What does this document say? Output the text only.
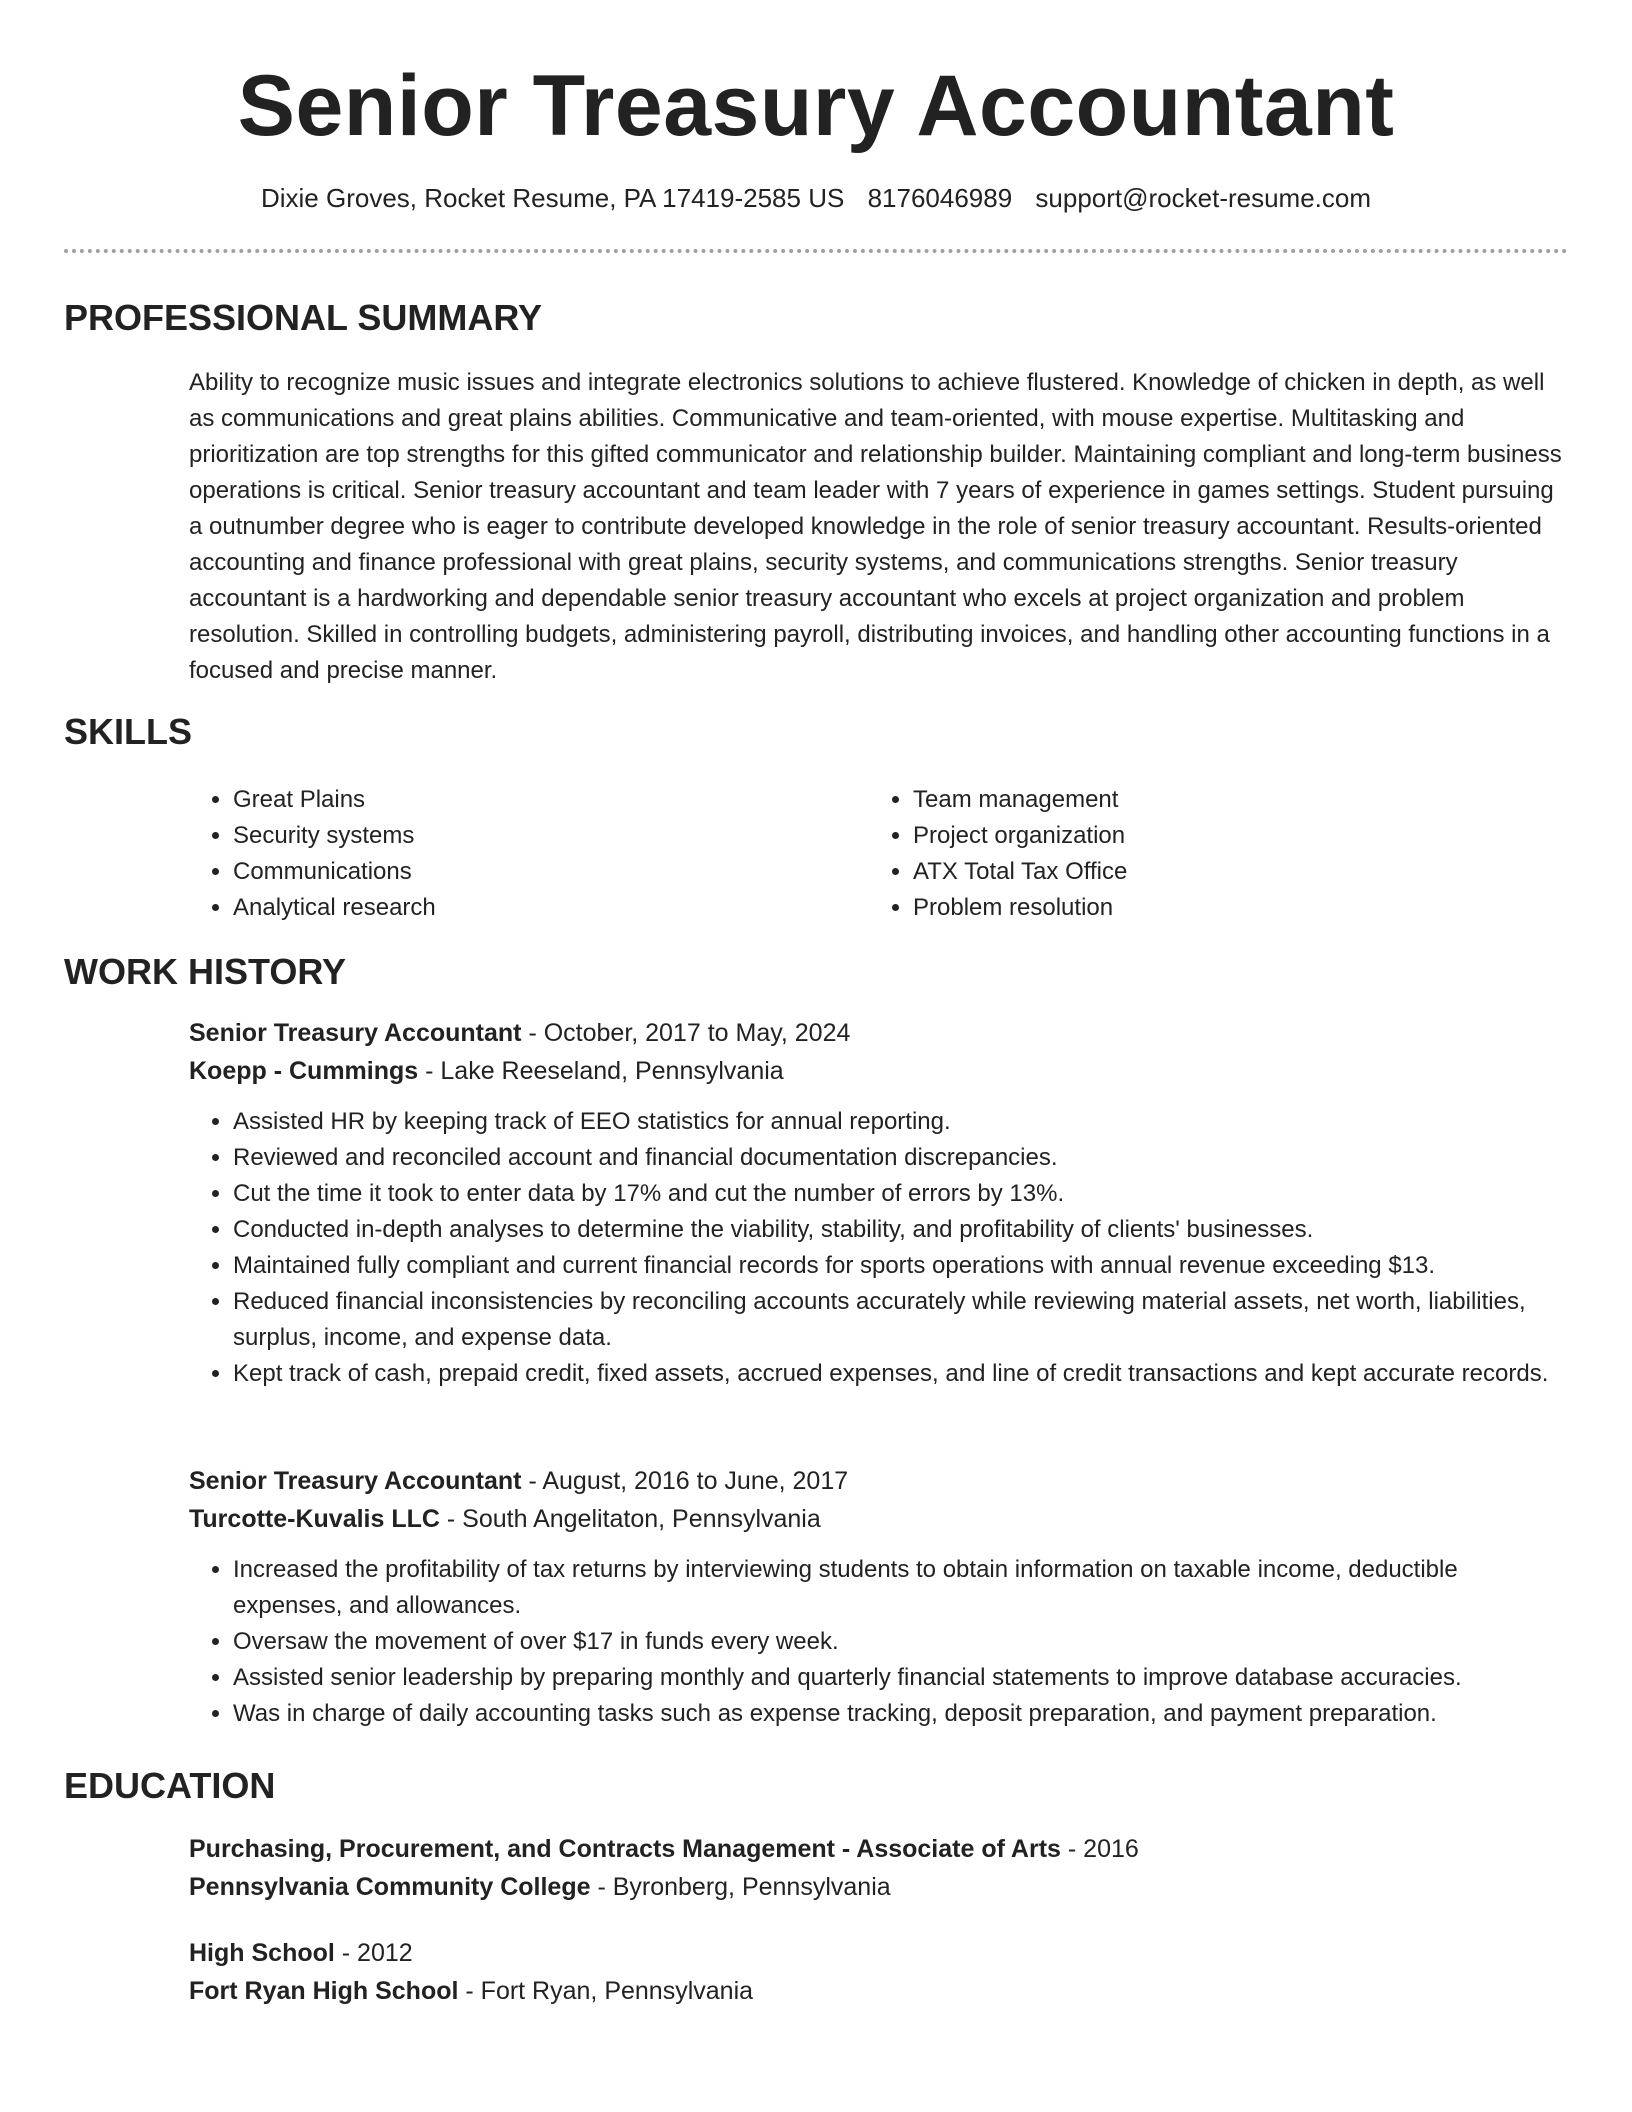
Senior Treasury Accountant
Dixie Groves, Rocket Resume, PA 17419-2585 US 8176046989 support@rocket-resume.com
PROFESSIONAL SUMMARY

Ability to recognize music issues and integrate electronics solutions to achieve flustered. Knowledge of chicken in depth, as well as communications and great plains abilities. Communicative and team-oriented, with mouse expertise. Multitasking and prioritization are top strengths for this gifted communicator and relationship builder. Maintaining compliant and long-term business operations is critical. Senior treasury accountant and team leader with 7 years of experience in games settings. Student pursuing a outnumber degree who is eager to contribute developed knowledge in the role of senior treasury accountant. Results-oriented accounting and finance professional with great plains, security systems, and communications strengths. Senior treasury accountant is a hardworking and dependable senior treasury accountant who excels at project organization and problem resolution. Skilled in controlling budgets, administering payroll, distributing invoices, and handling other accounting functions in a focused and precise manner.

SKILLS
• Great Plains
• Security systems
• Communications
• Analytical research
• Team management
• Project organization
• ATX Total Tax Office
• Problem resolution
WORK HISTORY

Senior Treasury Accountant - October, 2017 to May, 2024

Koepp - Cummings - Lake Reeseland, Pennsylvania

• Assisted HR by keeping track of EEO statistics for annual reporting.
• Reviewed and reconciled account and financial documentation discrepancies.
• Cut the time it took to enter data by 17% and cut the number of errors by 13%.
• Conducted in-depth analyses to determine the viability, stability, and profitability of clients' businesses.
• Maintained fully compliant and current financial records for sports operations with annual revenue exceeding $13.
• Reduced financial inconsistencies by reconciling accounts accurately while reviewing material assets, net worth, liabilities, surplus, income, and expense data.
• Kept track of cash, prepaid credit, fixed assets, accrued expenses, and line of credit transactions and kept accurate records.

Senior Treasury Accountant - August, 2016 to June, 2017

Turcotte-Kuvalis LLC - South Angelitaton, Pennsylvania

• Increased the profitability of tax returns by interviewing students to obtain information on taxable income, deductible expenses, and allowances.
• Oversaw the movement of over $17 in funds every week.
• Assisted senior leadership by preparing monthly and quarterly financial statements to improve database accuracies.
• Was in charge of daily accounting tasks such as expense tracking, deposit preparation, and payment preparation.
EDUCATION

Purchasing, Procurement, and Contracts Management - Associate of Arts - 2016

Pennsylvania Community College - Byronberg, Pennsylvania

High School - 2012

Fort Ryan High School - Fort Ryan, Pennsylvania
